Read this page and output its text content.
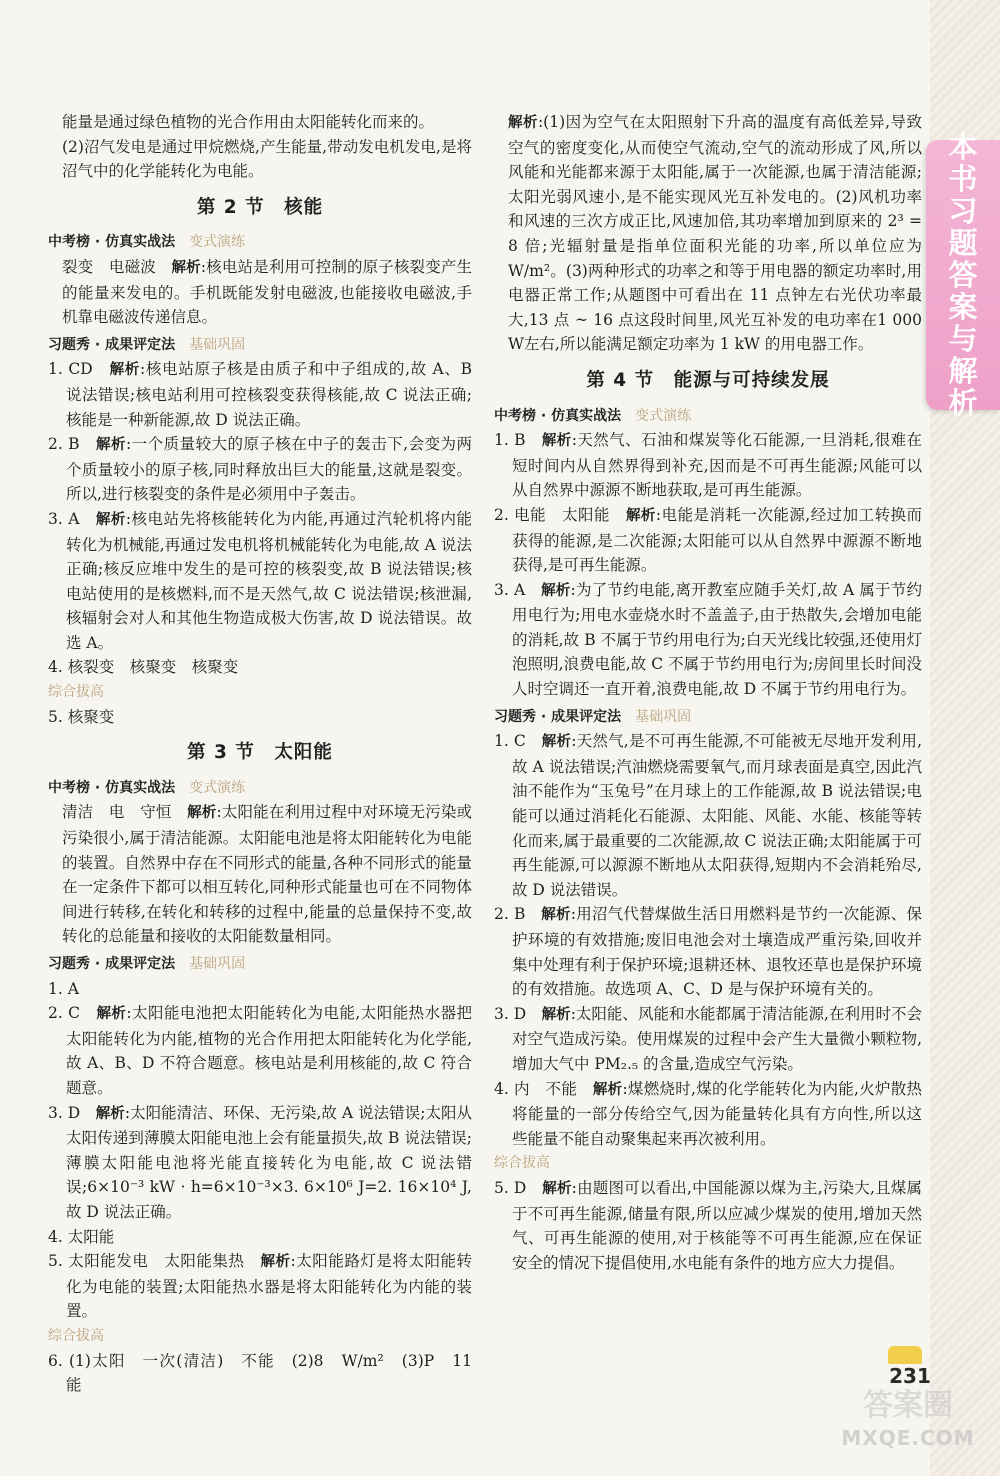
本
书
习
题
答
案
与
解
析

能量是通过绿色植物的光合作用由太阳能转化而来的。

(2)沼气发电是通过甲烷燃烧,产生能量,带动发电机发电,是将沼气中的化学能转化为电能。

第 2 节　核能
中考榜 · 仿真实战法 变式演练

裂变　电磁波　解析:核电站是利用可控制的原子核裂变产生的能量来发电的。手机既能发射电磁波,也能接收电磁波,手机靠电磁波传递信息。

习题秀 · 成果评定法 基础巩固

1. CD　解析:核电站原子核是由质子和中子组成的,故 A、B 说法错误;核电站利用可控核裂变获得核能,故 C 说法正确;核能是一种新能源,故 D 说法正确。

2. B　解析:一个质量较大的原子核在中子的轰击下,会变为两个质量较小的原子核,同时释放出巨大的能量,这就是裂变。所以,进行核裂变的条件是必须用中子轰击。

3. A　解析:核电站先将核能转化为内能,再通过汽轮机将内能转化为机械能,再通过发电机将机械能转化为电能,故 A 说法正确;核反应堆中发生的是可控的核裂变,故 B 说法错误;核电站使用的是核燃料,而不是天然气,故 C 说法错误;核泄漏,核辐射会对人和其他生物造成极大伤害,故 D 说法错误。故选 A。

4. 核裂变　核聚变　核聚变

综合拔高

5. 核聚变

第 3 节　太阳能
中考榜 · 仿真实战法 变式演练

清洁　电　守恒　解析:太阳能在利用过程中对环境无污染或污染很小,属于清洁能源。太阳能电池是将太阳能转化为电能的装置。自然界中存在不同形式的能量,各种不同形式的能量在一定条件下都可以相互转化,同种形式能量也可在不同物体间进行转移,在转化和转移的过程中,能量的总量保持不变,故转化的总能量和接收的太阳能数量相同。

习题秀 · 成果评定法 基础巩固

1. A

2. C　解析:太阳能电池把太阳能转化为电能,太阳能热水器把太阳能转化为内能,植物的光合作用把太阳能转化为化学能,故 A、B、D 不符合题意。核电站是利用核能的,故 C 符合题意。

3. D　解析:太阳能清洁、环保、无污染,故 A 说法错误;太阳从太阳传递到薄膜太阳能电池上会有能量损失,故 B 说法错误;薄膜太阳能电池将光能直接转化为电能,故 C 说法错误;6×10⁻³ kW · h=6×10⁻³×3. 6×10⁶ J=2. 16×10⁴ J,故 D 说法正确。

4. 太阳能

5. 太阳能发电　太阳能集热　解析:太阳能路灯是将太阳能转化为电能的装置;太阳能热水器是将太阳能转化为内能的装置。

综合拔高

6. (1)太阳　一次(清洁)　不能　(2)8　W/m²　(3)P　11　能

解析:(1)因为空气在太阳照射下升高的温度有高低差异,导致空气的密度变化,从而使空气流动,空气的流动形成了风,所以风能和光能都来源于太阳能,属于一次能源,也属于清洁能源;太阳光弱风速小,是不能实现风光互补发电的。(2)风机功率和风速的三次方成正比,风速加倍,其功率增加到原来的 2³ = 8 倍;光辐射量是指单位面积光能的功率,所以单位应为 W/m²。(3)两种形式的功率之和等于用电器的额定功率时,用电器正常工作;从题图中可看出在 11 点钟左右光伏功率最大,13 点 ~ 16 点这段时间里,风光互补发的电功率在1 000 W左右,所以能满足额定功率为 1 kW 的用电器工作。

第 4 节　能源与可持续发展
中考榜 · 仿真实战法 变式演练

1. B　解析:天然气、石油和煤炭等化石能源,一旦消耗,很难在短时间内从自然界得到补充,因而是不可再生能源;风能可以从自然界中源源不断地获取,是可再生能源。

2. 电能　太阳能　解析:电能是消耗一次能源,经过加工转换而获得的能源,是二次能源;太阳能可以从自然界中源源不断地获得,是可再生能源。

3. A　解析:为了节约电能,离开教室应随手关灯,故 A 属于节约用电行为;用电水壶烧水时不盖盖子,由于热散失,会增加电能的消耗,故 B 不属于节约用电行为;白天光线比较强,还使用灯泡照明,浪费电能,故 C 不属于节约用电行为;房间里长时间没人时空调还一直开着,浪费电能,故 D 不属于节约用电行为。

习题秀 · 成果评定法 基础巩固

1. C　解析:天然气,是不可再生能源,不可能被无尽地开发利用,故 A 说法错误;汽油燃烧需要氧气,而月球表面是真空,因此汽油不能作为“玉兔号”在月球上的工作能源,故 B 说法错误;电能可以通过消耗化石能源、太阳能、风能、水能、核能等转化而来,属于最重要的二次能源,故 C 说法正确;太阳能属于可再生能源,可以源源不断地从太阳获得,短期内不会消耗殆尽,故 D 说法错误。

2. B　解析:用沼气代替煤做生活日用燃料是节约一次能源、保护环境的有效措施;废旧电池会对土壤造成严重污染,回收并集中处理有利于保护环境;退耕还林、退牧还草也是保护环境的有效措施。故选项 A、C、D 是与保护环境有关的。

3. D　解析:太阳能、风能和水能都属于清洁能源,在利用时不会对空气造成污染。使用煤炭的过程中会产生大量微小颗粒物,增加大气中 PM₂.₅ 的含量,造成空气污染。

4. 内　不能　解析:煤燃烧时,煤的化学能转化为内能,火炉散热将能量的一部分传给空气,因为能量转化具有方向性,所以这些能量不能自动聚集起来再次被利用。

综合拔高

5. D　解析:由题图可以看出,中国能源以煤为主,污染大,且煤属于不可再生能源,储量有限,所以应减少煤炭的使用,增加天然气、可再生能源的使用,对于核能等不可再生能源,应在保证安全的情况下提倡使用,水电能有条件的地方应大力提倡。

231
答案圈
MXQE.COM
